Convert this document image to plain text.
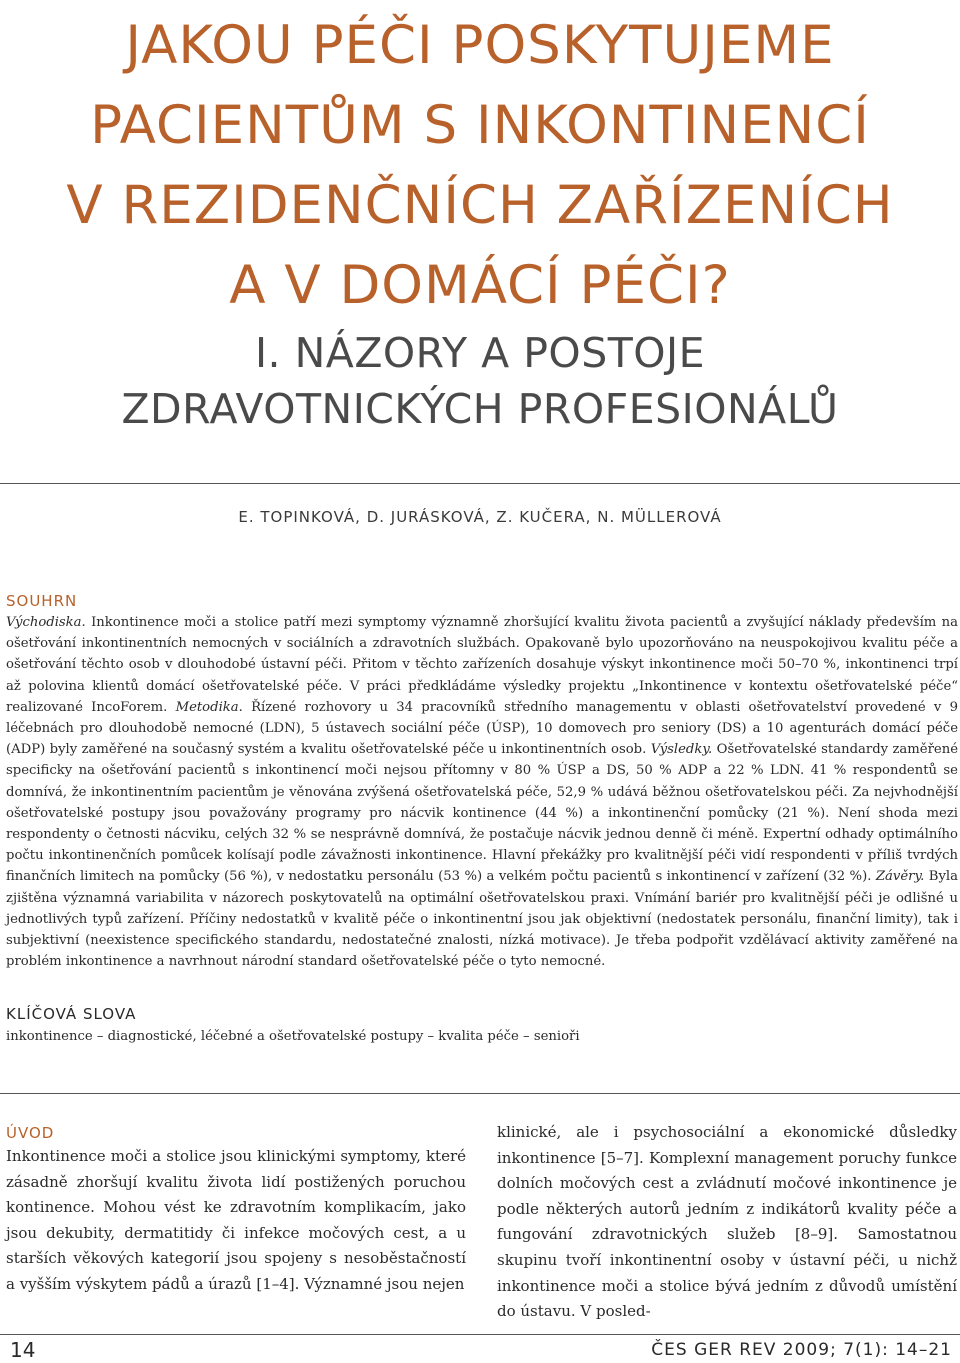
JAKOU PÉČI POSKYTUJEME
PACIENTŮM S INKONTINENCÍ
V REZIDENČNÍCH ZAŘÍZENÍCH
A V DOMÁCÍ PÉČI?
I. NÁZORY A POSTOJE
ZDRAVOTNICKÝCH PROFESIONÁLŮ
E. TOPINKOVÁ, D. JURÁSKOVÁ, Z. KUČERA, N. MÜLLEROVÁ
SOUHRN
Východiska. Inkontinence moči a stolice patří mezi symptomy významně zhoršující kvalitu života pacientů a zvyšující náklady především na ošetřování inkontinentních nemocných v sociálních a zdravotních službách. Opakovaně bylo upozorňováno na neuspokojivou kvalitu péče a ošetřování těchto osob v dlouhodobé ústavní péči. Přitom v těchto zařízeních dosahuje výskyt inkontinence moči 50–70 %, inkontinenci trpí až polovina klientů domácí ošetřovatelské péče. V práci předkládáme výsledky projektu „Inkontinence v kontextu ošetřovatelské péče“ realizované IncoForem. Metodika. Řízené rozhovory u 34 pracovníků středního managementu v oblasti ošetřovatelství provedené v 9 léčebnách pro dlouhodobě nemocné (LDN), 5 ústavech sociální péče (ÚSP), 10 domovech pro seniory (DS) a 10 agenturách domácí péče (ADP) byly zaměřené na současný systém a kvalitu ošetřovatelské péče u inkontinentních osob. Výsledky. Ošetřovatelské standardy zaměřené specificky na ošetřování pacientů s inkontinencí moči nejsou přítomny v 80 % ÚSP a DS, 50 % ADP a 22 % LDN. 41 % respondentů se domnívá, že inkontinentním pacientům je věnována zvýšená ošetřovatelská péče, 52,9 % udává běžnou ošetřovatelskou péči. Za nejvhodnější ošetřovatelské postupy jsou považovány programy pro nácvik kontinence (44 %) a inkontinenční pomůcky (21 %). Není shoda mezi respondenty o četnosti nácviku, celých 32 % se nesprávně domnívá, že postačuje nácvik jednou denně či méně. Expertní odhady optimálního počtu inkontinenčních pomůcek kolísají podle závažnosti inkontinence. Hlavní překážky pro kvalitnější péči vidí respondenti v příliš tvrdých finančních limitech na pomůcky (56 %), v nedostatku personálu (53 %) a velkém počtu pacientů s inkontinencí v zařízení (32 %). Závěry. Byla zjištěna významná variabilita v názorech poskytovatelů na optimální ošetřovatelskou praxi. Vnímání bariér pro kvalitnější péči je odlišné u jednotlivých typů zařízení. Příčiny nedostatků v kvalitě péče o inkontinentní jsou jak objektivní (nedostatek personálu, finanční limity), tak i subjektivní (neexistence specifického standardu, nedostatečné znalosti, nízká motivace). Je třeba podpořit vzdělávací aktivity zaměřené na problém inkontinence a navrhnout národní standard ošetřovatelské péče o tyto nemocné.
KLÍČOVÁ SLOVA
inkontinence – diagnostické, léčebné a ošetřovatelské postupy – kvalita péče – senioři
ÚVOD
Inkontinence moči a stolice jsou klinickými symptomy, které zásadně zhoršují kvalitu života lidí postižených poruchou kontinence. Mohou vést ke zdravotním komplikacím, jako jsou dekubity, dermatitidy či infekce močových cest, a u starších věkových kategorií jsou spojeny s nesoběstačností a vyšším výskytem pádů a úrazů [1–4]. Významné jsou nejen
klinické, ale i psychosociální a ekonomické důsledky inkontinence [5–7]. Komplexní management poruchy funkce dolních močových cest a zvládnutí močové inkontinence je podle některých autorů jedním z indikátorů kvality péče a fungování zdravotnických služeb [8–9]. Samostatnou skupinu tvoří inkontinentní osoby v ústavní péči, u nichž inkontinence moči a stolice bývá jedním z důvodů umístění do ústavu. V posled-
14	ČES GER REV 2009; 7(1): 14–21
